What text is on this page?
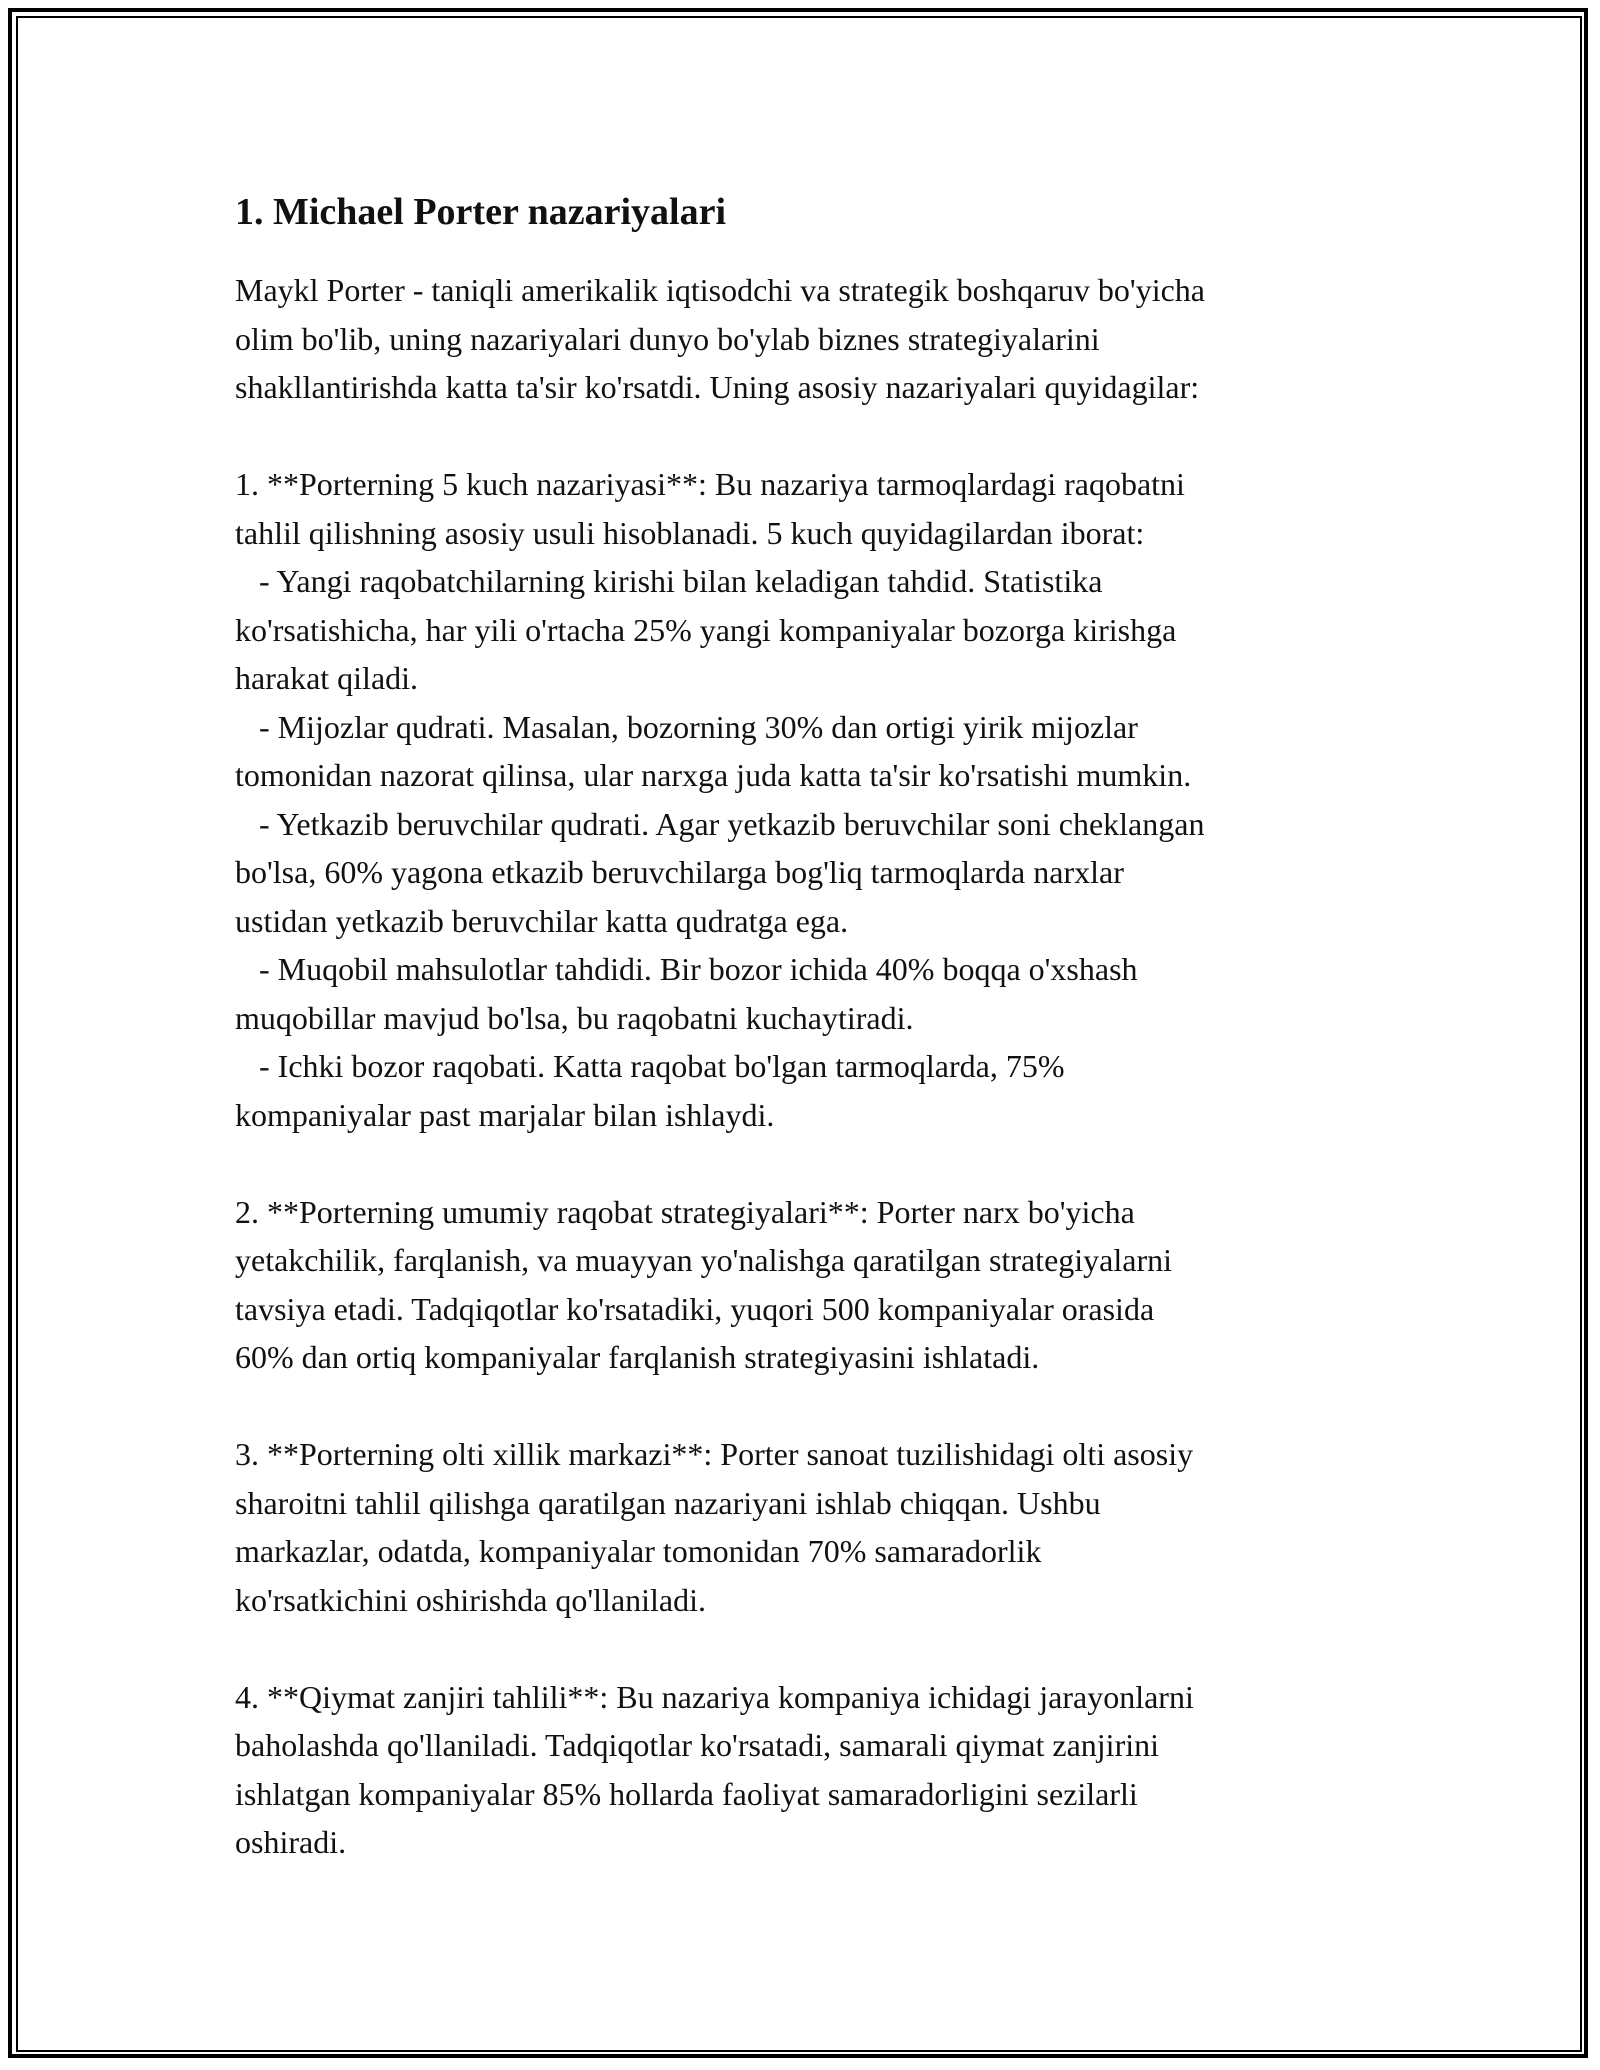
1. Michael Porter nazariyalari

Maykl Porter - taniqli amerikalik iqtisodchi va strategik boshqaruv bo'yicha
olim bo'lib, uning nazariyalari dunyo bo'ylab biznes strategiyalarini
shakllantirishda katta ta'sir ko'rsatdi. Uning asosiy nazariyalari quyidagilar:

1. **Porterning 5 kuch nazariyasi**: Bu nazariya tarmoqlardagi raqobatni
tahlil qilishning asosiy usuli hisoblanadi. 5 kuch quyidagilardan iborat:
- Yangi raqobatchilarning kirishi bilan keladigan tahdid. Statistika
ko'rsatishicha, har yili o'rtacha 25% yangi kompaniyalar bozorga kirishga
harakat qiladi.
- Mijozlar qudrati. Masalan, bozorning 30% dan ortigi yirik mijozlar
tomonidan nazorat qilinsa, ular narxga juda katta ta'sir ko'rsatishi mumkin.
- Yetkazib beruvchilar qudrati. Agar yetkazib beruvchilar soni cheklangan
bo'lsa, 60% yagona etkazib beruvchilarga bog'liq tarmoqlarda narxlar
ustidan yetkazib beruvchilar katta qudratga ega.
- Muqobil mahsulotlar tahdidi. Bir bozor ichida 40% boqqa o'xshash
muqobillar mavjud bo'lsa, bu raqobatni kuchaytiradi.
- Ichki bozor raqobati. Katta raqobat bo'lgan tarmoqlarda, 75%
kompaniyalar past marjalar bilan ishlaydi.

2. **Porterning umumiy raqobat strategiyalari**: Porter narx bo'yicha
yetakchilik, farqlanish, va muayyan yo'nalishga qaratilgan strategiyalarni
tavsiya etadi. Tadqiqotlar ko'rsatadiki, yuqori 500 kompaniyalar orasida
60% dan ortiq kompaniyalar farqlanish strategiyasini ishlatadi.

3. **Porterning olti xillik markazi**: Porter sanoat tuzilishidagi olti asosiy
sharoitni tahlil qilishga qaratilgan nazariyani ishlab chiqqan. Ushbu
markazlar, odatda, kompaniyalar tomonidan 70% samaradorlik
ko'rsatkichini oshirishda qo'llaniladi.

4. **Qiymat zanjiri tahlili**: Bu nazariya kompaniya ichidagi jarayonlarni
baholashda qo'llaniladi. Tadqiqotlar ko'rsatadi, samarali qiymat zanjirini
ishlatgan kompaniyalar 85% hollarda faoliyat samaradorligini sezilarli
oshiradi.
